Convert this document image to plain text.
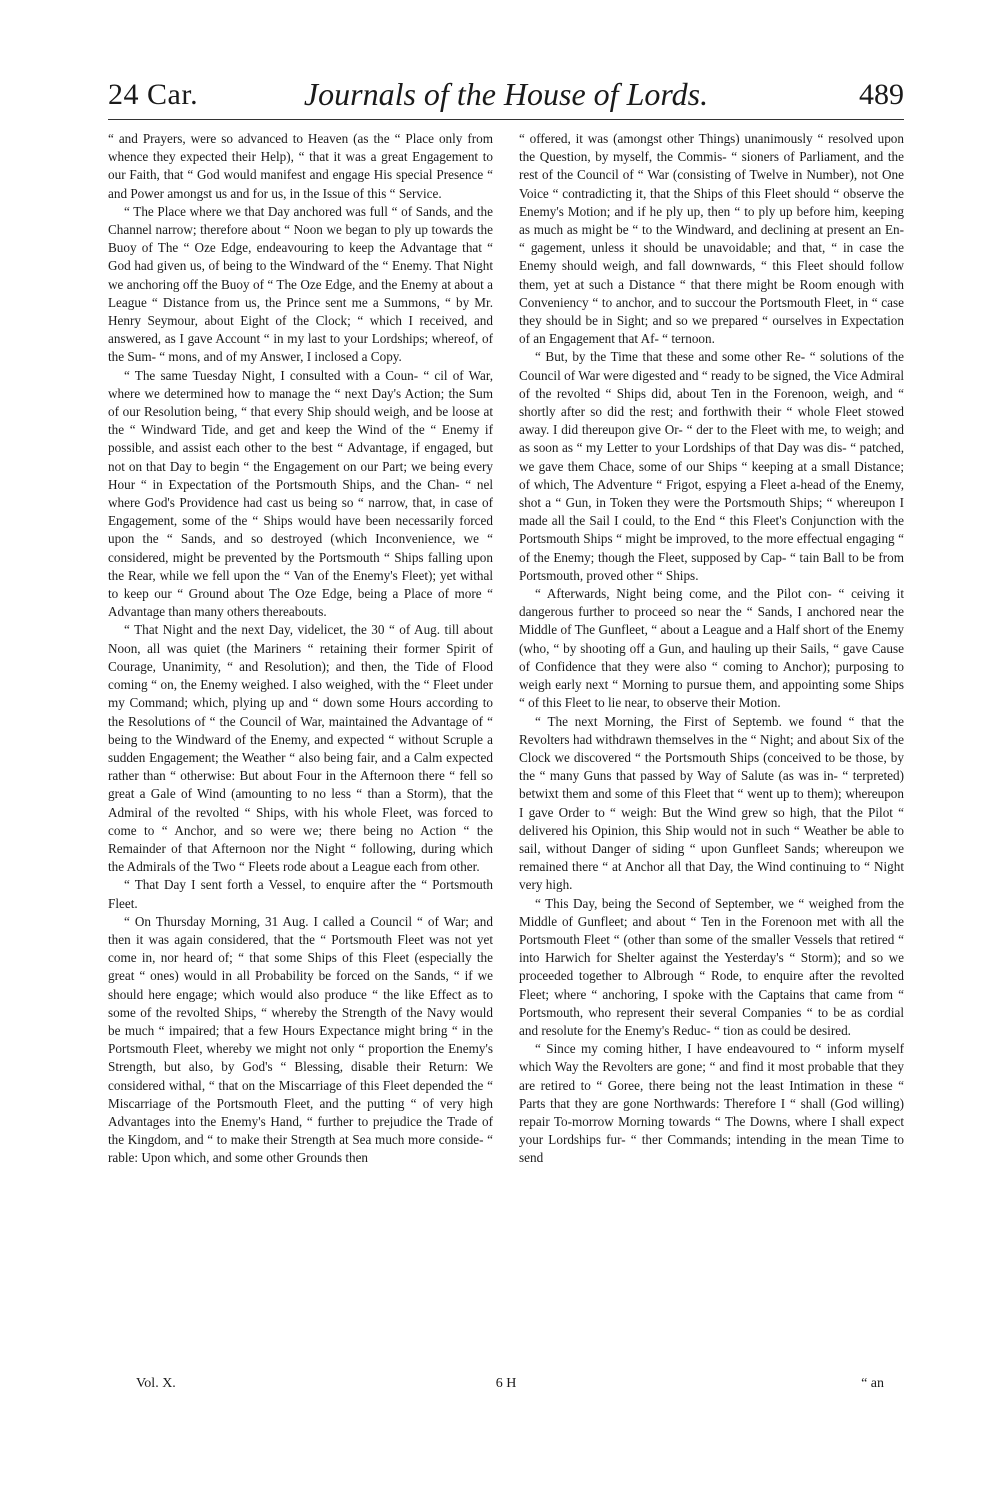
24 Car.	Journals of the House of Lords.	489

“ and Prayers, were so advanced to Heaven (as the “ Place only from whence they expected their Help), “ that it was a great Engagement to our Faith, that “ God would manifest and engage His special Presence “ and Power amongst us and for us, in the Issue of this “ Service.

“ The Place where we that Day anchored was full “ of Sands, and the Channel narrow; therefore about “ Noon we began to ply up towards the Buoy of The “ Oze Edge, endeavouring to keep the Advantage that “ God had given us, of being to the Windward of the “ Enemy. That Night we anchoring off the Buoy of “ The Oze Edge, and the Enemy at about a League “ Distance from us, the Prince sent me a Summons, “ by Mr. Henry Seymour, about Eight of the Clock; “ which I received, and answered, as I gave Account “ in my last to your Lordships; whereof, of the Sum- “ mons, and of my Answer, I inclosed a Copy.

“ The same Tuesday Night, I consulted with a Coun- “ cil of War, where we determined how to manage the “ next Day's Action; the Sum of our Resolution being, “ that every Ship should weigh, and be loose at the “ Windward Tide, and get and keep the Wind of the “ Enemy if possible, and assist each other to the best “ Advantage, if engaged, but not on that Day to begin “ the Engagement on our Part; we being every Hour “ in Expectation of the Portsmouth Ships, and the Chan- “ nel where God's Providence had cast us being so “ narrow, that, in case of Engagement, some of the “ Ships would have been necessarily forced upon the “ Sands, and so destroyed (which Inconvenience, we “ considered, might be prevented by the Portsmouth “ Ships falling upon the Rear, while we fell upon the “ Van of the Enemy's Fleet); yet withal to keep our “ Ground about The Oze Edge, being a Place of more “ Advantage than many others thereabouts.

“ That Night and the next Day, videlicet, the 30 “ of Aug. till about Noon, all was quiet (the Mariners “ retaining their former Spirit of Courage, Unanimity, “ and Resolution); and then, the Tide of Flood coming “ on, the Enemy weighed. I also weighed, with the “ Fleet under my Command; which, plying up and “ down some Hours according to the Resolutions of “ the Council of War, maintained the Advantage of “ being to the Windward of the Enemy, and expected “ without Scruple a sudden Engagement; the Weather “ also being fair, and a Calm expected rather than “ otherwise: But about Four in the Afternoon there “ fell so great a Gale of Wind (amounting to no less “ than a Storm), that the Admiral of the revolted “ Ships, with his whole Fleet, was forced to come to “ Anchor, and so were we; there being no Action “ the Remainder of that Afternoon nor the Night “ following, during which the Admirals of the Two “ Fleets rode about a League each from other.

“ That Day I sent forth a Vessel, to enquire after the “ Portsmouth Fleet.

“ On Thursday Morning, 31 Aug. I called a Council “ of War; and then it was again considered, that the “ Portsmouth Fleet was not yet come in, nor heard of; “ that some Ships of this Fleet (especially the great “ ones) would in all Probability be forced on the Sands, “ if we should here engage; which would also produce “ the like Effect as to some of the revolted Ships, “ whereby the Strength of the Navy would be much “ impaired; that a few Hours Expectance might bring “ in the Portsmouth Fleet, whereby we might not only “ proportion the Enemy's Strength, but also, by God's “ Blessing, disable their Return: We considered withal, “ that on the Miscarriage of this Fleet depended the “ Miscarriage of the Portsmouth Fleet, and the putting “ of very high Advantages into the Enemy's Hand, “ further to prejudice the Trade of the Kingdom, and “ to make their Strength at Sea much more conside- “ rable: Upon which, and some other Grounds then

“ offered, it was (amongst other Things) unanimously “ resolved upon the Question, by myself, the Commis- “ sioners of Parliament, and the rest of the Council of “ War (consisting of Twelve in Number), not One Voice “ contradicting it, that the Ships of this Fleet should “ observe the Enemy's Motion; and if he ply up, then “ to ply up before him, keeping as much as might be “ to the Windward, and declining at present an En- “ gagement, unless it should be unavoidable; and that, “ in case the Enemy should weigh, and fall downwards, “ this Fleet should follow them, yet at such a Distance “ that there might be Room enough with Conveniency “ to anchor, and to succour the Portsmouth Fleet, in “ case they should be in Sight; and so we prepared “ ourselves in Expectation of an Engagement that Af- “ ternoon.

“ But, by the Time that these and some other Re- “ solutions of the Council of War were digested and “ ready to be signed, the Vice Admiral of the revolted “ Ships did, about Ten in the Forenoon, weigh, and “ shortly after so did the rest; and forthwith their “ whole Fleet stowed away. I did thereupon give Or- “ der to the Fleet with me, to weigh; and as soon as “ my Letter to your Lordships of that Day was dis- “ patched, we gave them Chace, some of our Ships “ keeping at a small Distance; of which, The Adventure “ Frigot, espying a Fleet a-head of the Enemy, shot a “ Gun, in Token they were the Portsmouth Ships; “ whereupon I made all the Sail I could, to the End “ this Fleet's Conjunction with the Portsmouth Ships “ might be improved, to the more effectual engaging “ of the Enemy; though the Fleet, supposed by Cap- “ tain Ball to be from Portsmouth, proved other “ Ships.

“ Afterwards, Night being come, and the Pilot con- “ ceiving it dangerous further to proceed so near the “ Sands, I anchored near the Middle of The Gunfleet, “ about a League and a Half short of the Enemy (who, “ by shooting off a Gun, and hauling up their Sails, “ gave Cause of Confidence that they were also “ coming to Anchor); purposing to weigh early next “ Morning to pursue them, and appointing some Ships “ of this Fleet to lie near, to observe their Motion.

“ The next Morning, the First of Septemb. we found “ that the Revolters had withdrawn themselves in the “ Night; and about Six of the Clock we discovered “ the Portsmouth Ships (conceived to be those, by the “ many Guns that passed by Way of Salute (as was in- “ terpreted) betwixt them and some of this Fleet that “ went up to them); whereupon I gave Order to “ weigh: But the Wind grew so high, that the Pilot “ delivered his Opinion, this Ship would not in such “ Weather be able to sail, without Danger of siding “ upon Gunfleet Sands; whereupon we remained there “ at Anchor all that Day, the Wind continuing to “ Night very high.

“ This Day, being the Second of September, we “ weighed from the Middle of Gunfleet; and about “ Ten in the Forenoon met with all the Portsmouth Fleet “ (other than some of the smaller Vessels that retired “ into Harwich for Shelter against the Yesterday's “ Storm); and so we proceeded together to Albrough “ Rode, to enquire after the revolted Fleet; where “ anchoring, I spoke with the Captains that came from “ Portsmouth, who represent their several Companies “ to be as cordial and resolute for the Enemy's Reduc- “ tion as could be desired.

“ Since my coming hither, I have endeavoured to “ inform myself which Way the Revolters are gone; “ and find it most probable that they are retired to “ Goree, there being not the least Intimation in these “ Parts that they are gone Northwards: Therefore I “ shall (God willing) repair To-morrow Morning towards “ The Downs, where I shall expect your Lordships fur- “ ther Commands; intending in the mean Time to send

Vol. X.	6 H	“ an
